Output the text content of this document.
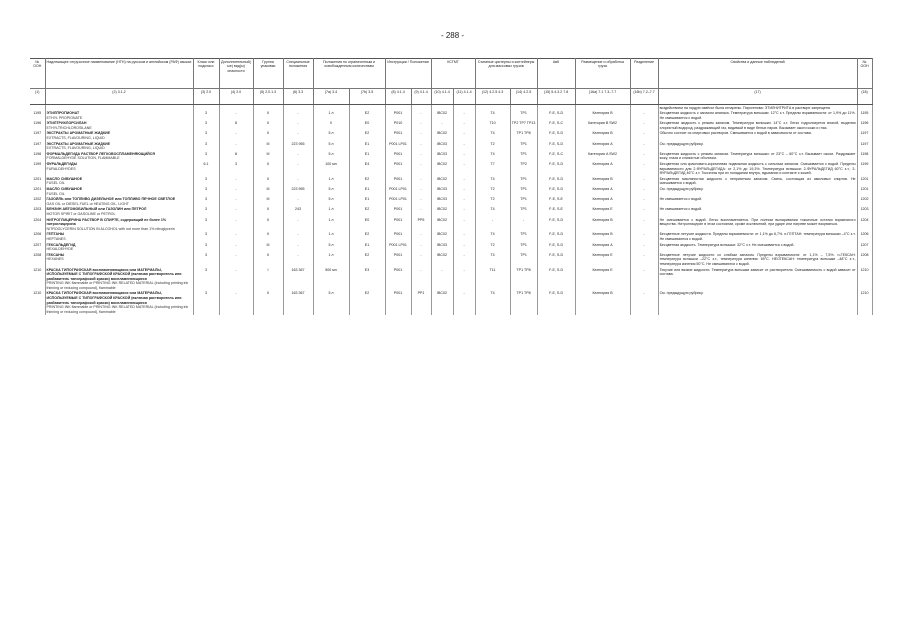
- 288 -
№ ООН	Надлежащее отгрузочное наименование (НТН) на русском и английском (РАФ) языках	Класс или подкласс	Дополнительный(ые) вид(ы) опасности	Группа упаковки	Специальные положения	Положения по ограниченным и освобожденным количествам		Инструкции / Положения		КСГМГ		Съемные цистерны и контейнеры для массовых грузов		АвК	Размещение и обработка груза	Разделение	Свойства и данные наблюдений	№ ООН
(1)	(2) 3.1.2	(3) 2.0	(4) 2.0	(5) 2.0.1.3	(6) 3.3	(7a) 3.4	(7b) 3.5	(8) 4.1.4	(9) 4.1.4	(10) 4.1.4	(11) 4.1.4	(12) 4.2.5 4.3	(14) 4.2.5	(15) 5.4.3.2 7.8	(16a) 7.1 7.3–7.7	(16b) 7.2–7.7	(17)	(18)

																воздействием на гордую извёсьт была отпарены. Пирогенова: ЭТИЛНИТРИТА в растворе запрещена	
1195	ЭТИЛПРОПИОНАТ
ETHYL PROPIONATE	3	-	II	-	1 л	E2	P001	-	IBC02	-	T4	TP1	F-E, S-D	Категория B	-	Бесцветная жидкость с запахом ананаса. Температура вспышки: 12°C з.т. Пределы взрываемости: от 1,9% до 11%. Не смешивается с водой.	1195
1196	ЭТИЛТРИХЛОРСИЛАН
ETHYLTRICHLOROSILANE	3	8	II	-	0	E0	P010	-	-	-	T10	TP2 TP7 TP13	F-E, S-C	Категория B SW2	-	Бесцветная жидкость с резким запахом. Температура вспышки: 14°C з.т. Легко гидролизуется влагой, выделяя хлористый водород, раздражающий газ, видимый в виде белых паров. Вызывает ожоги кожи и глаз.	1196
1197	ЭКСТРАКТЫ АРОМАТНЫЕ ЖИДКИЕ
EXTRACTS, FLAVOURING, LIQUID	3	-	II	-	5 л	E2	P001	-	IBC02	-	T4	TP1 TP8	F-E, S-D	Категория B	-	Обычно состоят из спиртовых растворов. Смешивается с водой в зависимости от состава.	1197
1197	ЭКСТРАКТЫ АРОМАТНЫЕ ЖИДКИЕ
EXTRACTS, FLAVOURING, LIQUID	3	-	III	223 955	5 л	E1	P001 LP01	-	IBC03	-	T2	TP1	F-E, S-D	Категория A	-	См. предыдущую рубрику.	1197
1198	ФОРМАЛЬДЕГИДА РАСТВОР ЛЕГКОВОСПЛАМЕНЯЮЩИЙСЯ
FORMALDEHYDE SOLUTION, FLAMMABLE	3	8	III	-	5 л	E1	P001	-	IBC03	-	T4	TP1	F-E, S-C	Категория A SW2	-	Бесцветная жидкость с резким запахом. Температура вспышки: от 23°C – 60°C з.т. Вызывает ожоги. Раздражает кожу, глаза и слизистые оболочки.	1198
1199	ФУРАЛЬДЕГИДЫ
FURALDEHYDES	6.1	3	II	-	100 мл	E4	P001	-	IBC02	-	T7	TP2	F-E, S-D	Категория A	-	Бесцветная или красновато-коричневая подвижная жидкость с сильным запахом. Смешивается с водой. Пределы взрываемости для 2-ФУРАЛЬДЕГИДА: от 2,1% до 19,3%. Температура вспышки: 2-ФУРАЛЬДЕГИД 60°C з.т., 3-ФУРАЛЬДЕГИД 46°C з.т. Токсичны при их попадании внутрь, вдыхании и контакте с кожей.	1199
1201	МАСЛО СИВУШНОЕ
FUSEL OIL	3	-	II	-	1 л	E2	P001	-	IBC02	-	T4	TP1	F-E, S-D	Категория B	-	Бесцветная маслянистая жидкость с неприятным запахом. Смесь, состоящая из амиловых спиртов. Не смешивается с водой.	1201
1201	МАСЛО СИВУШНОЕ
FUSEL OIL	3	-	III	223 955	5 л	E1	P001 LP01	-	IBC03	-	T2	TP1	F-E, S-D	Категория A	-	См. предыдущую рубрику.	1201
1202	ГАЗОЙЛЬ или ТОПЛИВО ДИЗЕЛЬНОЕ или ТОПЛИВО ПЕЧНОЕ СВЕТЛОЕ
GAS OIL or DIESEL FUEL or HEATING OIL, LIGHT	3	-	III	-	5 л	E1	P001 LP01	-	IBC03	-	T2	TP1	F-E, S-E	Категория A	-	Не смешивается с водой.	1202
1203	БЕНЗИН АВТОМОБИЛЬНЫЙ или ГАЗОЛИН или ПЕТРОЛ
MOTOR SPIRIT or GASOLINE or PETROL	3	-	II	243	1 л	E2	P001	-	IBC02	-	T4	TP1	F-E, S-E	Категория E	-	Не смешивается с водой.	1203
1204	НИТРОГЛИЦЕРИНА РАСТВОР В СПИРТЕ, содержащий не более 1% нитроглицерина
NITROGLYCERIN SOLUTION IN ALCOHOL with not more than 1% nitroglycerin	3	-	II	-	1 л	E0	P001	PP5	IBC02	-	-	-	F-E, S-D	Категория B	-	Не смешивается с водой. Легко воспламеняется. При полном выпаривании токсичные остатки взрывчатого вещества. Нитроглицерин в этом состоянии, кроме исключений, при ударе или нагреве может взорваться.	1204
1206	ГЕПТАНЫ
HEPTANES	3	-	II	-	1 л	E2	P001	-	IBC02	-	T4	TP1	F-E, S-D	Категория B	-	Бесцветные летучие жидкости. Пределы взрываемости: от 1,1% до 6,7%. н-ГЕПТАН: температура вспышки –4°C з.т. Не смешиваются с водой.	1206
1207	ГЕКСАЛЬДЕГИД
HEXALDEHYDE	3	-	III	-	5 л	E1	P001 LP01	-	IBC03	-	T2	TP1	F-E, S-D	Категория A	-	Бесцветная жидкость. Температура вспышки: 32°C з.т. Не смешивается с водой.	1207
1208	ГЕКСАНЫ
HEXANES	3	-	II	-	1 л	E2	P001	-	IBC02	-	T4	TP1	F-E, S-D	Категория E	-	Бесцветные летучие жидкости со слабым запахом. Пределы взрываемости: от 1,1% – 7,5%. н-ГЕКСАН: температура вспышки –22°C з.т., температура кипения: 69°C. НЕОГЕКСАН: температура вспышки –48°C з.т., температура кипения 50°C. Не смешиваются с водой.	1208
1210	КРАСКА ТИПОГРАФСКАЯ воспламеняющаяся или МАТЕРИАЛЫ, ИСПОЛЬЗУЕМЫЕ С ТИПОГРАФСКОЙ КРАСКОЙ (включая растворитель или разбавитель типографской краски) воспламеняющиеся
PRINTING INK flammable or PRINTING INK RELATED MATERIAL (including printing ink thinning or reducing compound), flammable	3	-	I	163 367	500 мл	E3	P001	-	-	-	T11	TP1 TP8	F-E, S-D	Категория E	-	Текучие или вязкие жидкости. Температура вспышки зависит от растворителя. Смешиваемость с водой зависит от состава.	1210
1210	КРАСКА ТИПОГРАФСКАЯ воспламеняющаяся или МАТЕРИАЛЫ, ИСПОЛЬЗУЕМЫЕ С ТИПОГРАФСКОЙ КРАСКОЙ (включая растворитель или разбавитель типографской краски) воспламеняющиеся
PRINTING INK flammable or PRINTING INK RELATED MATERIAL (including printing ink thinning or reducing compound), flammable	3	-	II	163 367	5 л	E2	P001	PP1	IBC02	-	T4	TP1 TP8	F-E, S-D	Категория B	-	См. предыдущую рубрику.	1210
